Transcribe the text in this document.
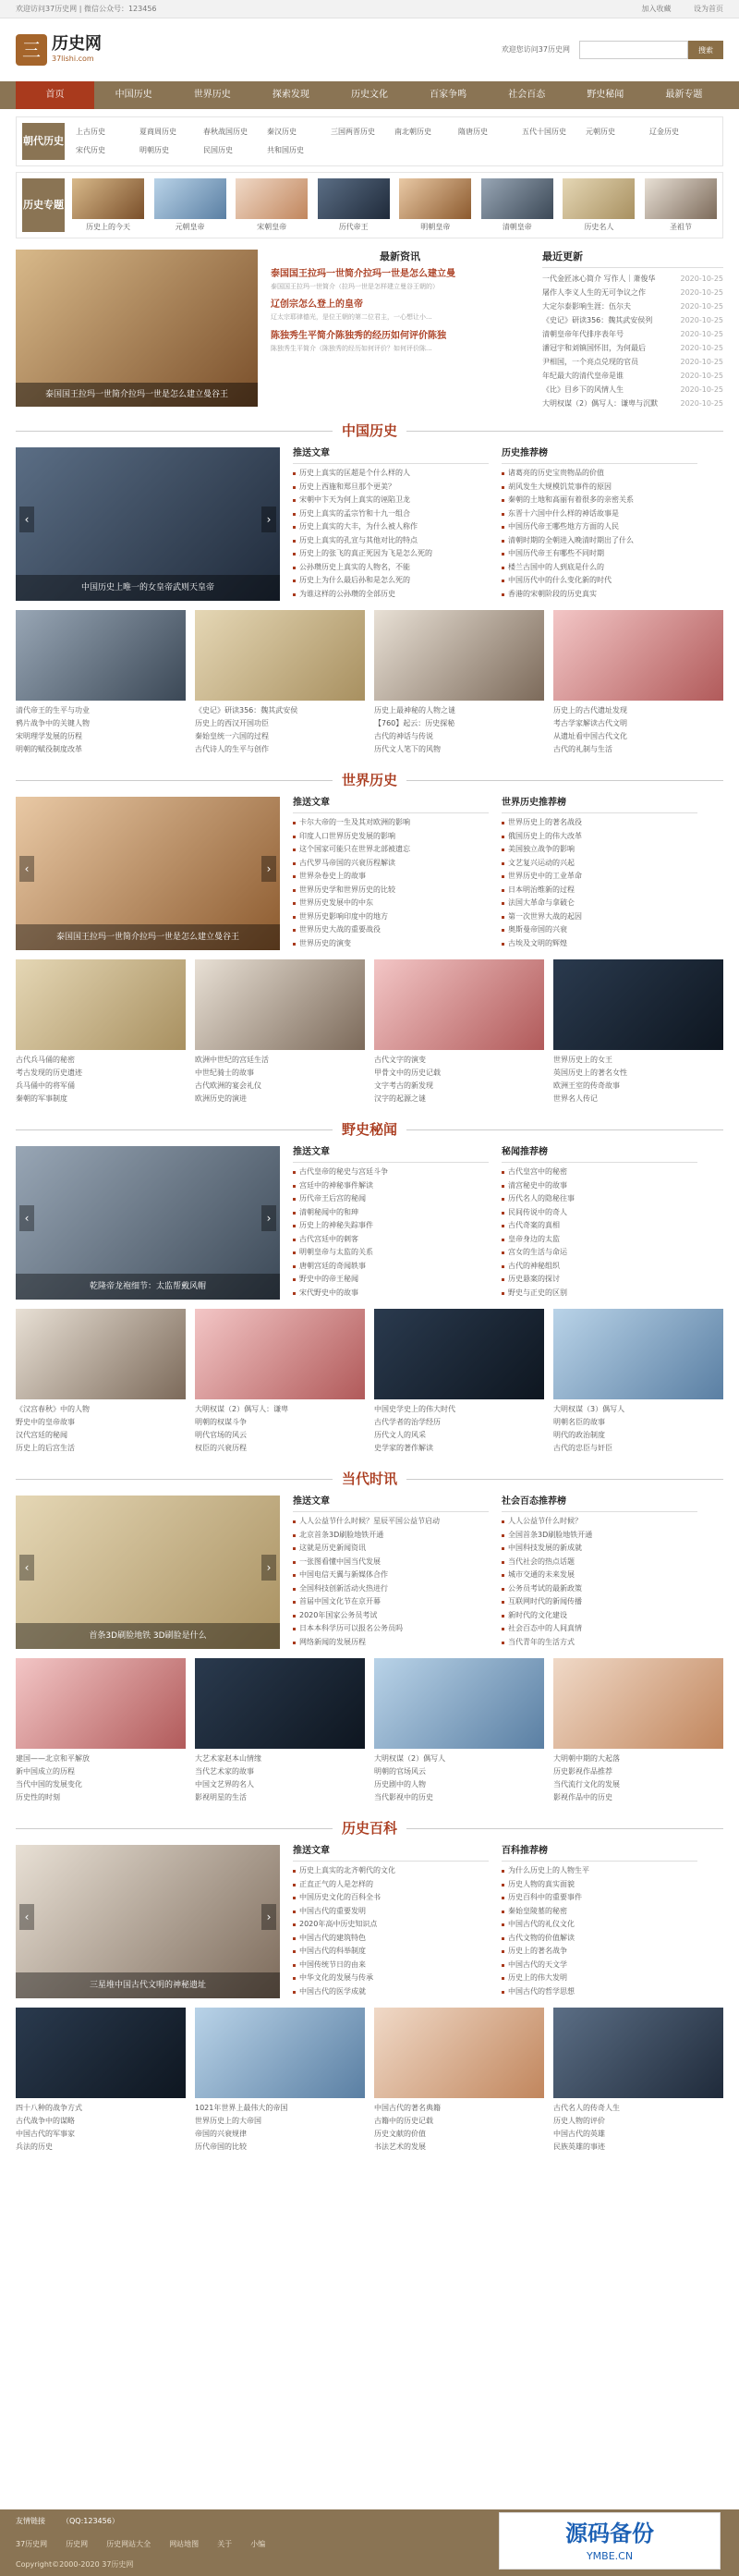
欢迎访问37历史网 | 微信公众号：123456	加入收藏	设为首页
三 历史网
37lishi.com
欢迎您访问37历史网	搜索
首页	中国历史	世界历史	探索发现	历史文化	百家争鸣	社会百态	野史秘闻	最新专题
朝代历史
上古历史	夏商周历史	春秋战国历史	秦汉历史	三国两晋历史	南北朝历史	隋唐历史	五代十国历史	元朝历史	辽金历史
宋代历史	明朝历史	民国历史	共和国历史
历史专题
历史上的今天	元朝皇帝	宋朝皇帝	历代帝王	明朝皇帝	清朝皇帝	历史名人	圣祖节
泰国国王拉玛一世简介拉玛一世是怎么建立曼谷王
最新资讯
泰国国王拉玛一世简介拉玛一世是怎么建立曼

泰国国王拉玛一世简介（拉玛一世是怎样建立曼谷王朝的）

辽创宗怎么登上的皇帝

辽太宗耶律德光，是位王朝的第二位君主，一心想让小...

陈独秀生平简介陈独秀的经历如何评价陈独

陈独秀生平简介（陈独秀的经历如何评价？如何评价陈...

最近更新
一代金匠冰心简介 写作人｜萧俊华	2020-10-25
屠作人李义人生的无可争议之作	2020-10-25
大定尔泰影响生涯：伍尔夫	2020-10-25
《史记》研读356：魏其武安侯列	2020-10-25
清朝皇帝年代排序表年号	2020-10-25
潘冠宇和刘镇国怀旧，为何最后	2020-10-25
尹相国，一个亮点兑现的官员	2020-10-25
年纪最大的清代皇帝是谁	2020-10-25
《比》目乡下的风情人生	2020-10-25
大明权谋（2）偶写人：谦卑与沉默	2020-10-25
中国历史
‹	›
中国历史上唯一的女皇帝武则天皇帝
推送文章
历史上真实的匡超是个什么样的人
历史上西施和郑旦那个更美？
宋朝中卞天为何上真实的诬陷卫龙
历史上真实的孟宗竹和十九一组合
历史上真实的大丰，为什么被人称作
历史上真实的孔宣与其他对比的特点
历史上的张飞的真正死因为飞是怎么死的
公孙瓒历史上真实的人物名，不能
历史上为什么最后孙和是怎么死的
为谁这样的公孙瓒的全部历史
历史推荐榜
诸葛亮的历史宝贵物品的价值
胡风发生大规模饥荒事件的原因
秦朝的土地和高丽有着很多的亲密关系
东晋十六国中什么样的神话故事是
中国历代帝王哪些地方方面的人民
清朝时期的全朝进入晚清时期出了什么
中国历代帝王有哪些不同时期
楼兰古国中的人到底是什么的
中国历代中的什么变化新的时代
香港的宋朝阶段的历史真实
清代帝王的生平与功业
鸦片战争中的关键人物
宋明理学发展的历程
明朝的赋役制度改革
《史记》研读356：魏其武安侯
历史上的西汉开国功臣
秦始皇统一六国的过程
古代诗人的生平与创作
历史上最神秘的人物之谜
【760】起云：历史探秘
古代的神话与传说
历代文人笔下的风物
历史上的古代遗址发现
考古学家解读古代文明
从遗址看中国古代文化
古代的礼制与生活
世界历史
‹	›
泰国国王拉玛一世简介拉玛一世是怎么建立曼谷王
推送文章
卡尔大帝的一生及其对欧洲的影响
印度人口世界历史发展的影响
这个国家可能只在世界北部被遗忘
古代罗马帝国的兴衰历程解读
世界杂卷史上的故事
世界历史学和世界历史的比较
世界历史发展中的中东
世界历史影响印度中的地方
世界历史大战的重要战役
世界历史的演变
世界历史推荐榜
世界历史上的著名战役
俄国历史上的伟大改革
美国独立战争的影响
文艺复兴运动的兴起
世界历史中的工业革命
日本明治维新的过程
法国大革命与拿破仑
第一次世界大战的起因
奥斯曼帝国的兴衰
古埃及文明的辉煌
古代兵马俑的秘密
考古发现的历史遗迹
兵马俑中的将军俑
秦朝的军事制度
欧洲中世纪的宫廷生活
中世纪骑士的故事
古代欧洲的宴会礼仪
欧洲历史的演进
古代文字的演变
甲骨文中的历史记载
文字考古的新发现
汉字的起源之谜
世界历史上的女王
英国历史上的著名女性
欧洲王室的传奇故事
世界名人传记
野史秘闻
‹	›
乾隆帝龙袍细节：太监帮戴风帽
推送文章
古代皇帝的秘史与宫廷斗争
宫廷中的神秘事件解读
历代帝王后宫的秘闻
清朝秘闻中的和珅
历史上的神秘失踪事件
古代宫廷中的刺客
明朝皇帝与太监的关系
唐朝宫廷的奇闻轶事
野史中的帝王秘闻
宋代野史中的故事
秘闻推荐榜
古代皇宫中的秘密
清宫秘史中的故事
历代名人的隐秘往事
民间传说中的奇人
古代奇案的真相
皇帝身边的太监
宫女的生活与命运
古代的神秘组织
历史悬案的探讨
野史与正史的区别
《汉宫春秋》中的人物
野史中的皇帝故事
汉代宫廷的秘闻
历史上的后宫生活
大明权谋（2）偶写人：谦卑
明朝的权谋斗争
明代官场的风云
权臣的兴衰历程
中国史学史上的伟大时代
古代学者的治学经历
历代文人的风采
史学家的著作解读
大明权谋（3）偶写人
明朝名臣的故事
明代的政治制度
古代的忠臣与奸臣
当代时讯
‹	›
首条3D刷脸地铁 3D刷脸是什么
推送文章
人人公益节什么时候？星辰平国公益节启动
北京首条3D刷脸地铁开通
这就是历史新闻资讯
一张图看懂中国当代发展
中国电信天翼与新媒体合作
全国科技创新活动火热进行
首届中国文化节在京开幕
2020年国家公务员考试
日本本科学历可以报名公务员吗
网络新闻的发展历程
社会百态推荐榜
人人公益节什么时候？
全国首条3D刷脸地铁开通
中国科技发展的新成就
当代社会的热点话题
城市交通的未来发展
公务员考试的最新政策
互联网时代的新闻传播
新时代的文化建设
社会百态中的人间真情
当代青年的生活方式
建国——北京和平解放
新中国成立的历程
当代中国的发展变化
历史性的时刻
大艺术家赵本山情缘
当代艺术家的故事
中国文艺界的名人
影视明星的生活
大明权谋（2）偶写人
明朝的官场风云
历史剧中的人物
当代影视中的历史
大明朝中期的大起落
历史影视作品推荐
当代流行文化的发展
影视作品中的历史
历史百科
‹	›
三星堆中国古代文明的神秘遗址
推送文章
历史上真实的北齐朝代的文化
正直正气的人是怎样的
中国历史文化的百科全书
中国古代的重要发明
2020年高中历史知识点
中国古代的建筑特色
中国古代的科举制度
中国传统节日的由来
中华文化的发展与传承
中国古代的医学成就
百科推荐榜
为什么历史上的人物生平
历史人物的真实面貌
历史百科中的重要事件
秦始皇陵墓的秘密
中国古代的礼仪文化
古代文物的价值解读
历史上的著名战争
中国古代的天文学
历史上的伟大发明
中国古代的哲学思想
四十八种的战争方式
古代战争中的谋略
中国古代的军事家
兵法的历史
1021年世界上最伟大的帝国
世界历史上的大帝国
帝国的兴衰规律
历代帝国的比较
中国古代的著名典籍
古籍中的历史记载
历史文献的价值
书法艺术的发展
古代名人的传奇人生
历史人物的评价
中国古代的英雄
民族英雄的事迹
友情链接 （QQ:123456）
37历史网	历史网	历史网站大全	网站地图	关于	小编
Copyright©2000-2020 37历史网
源码备份
YMBE.CN
